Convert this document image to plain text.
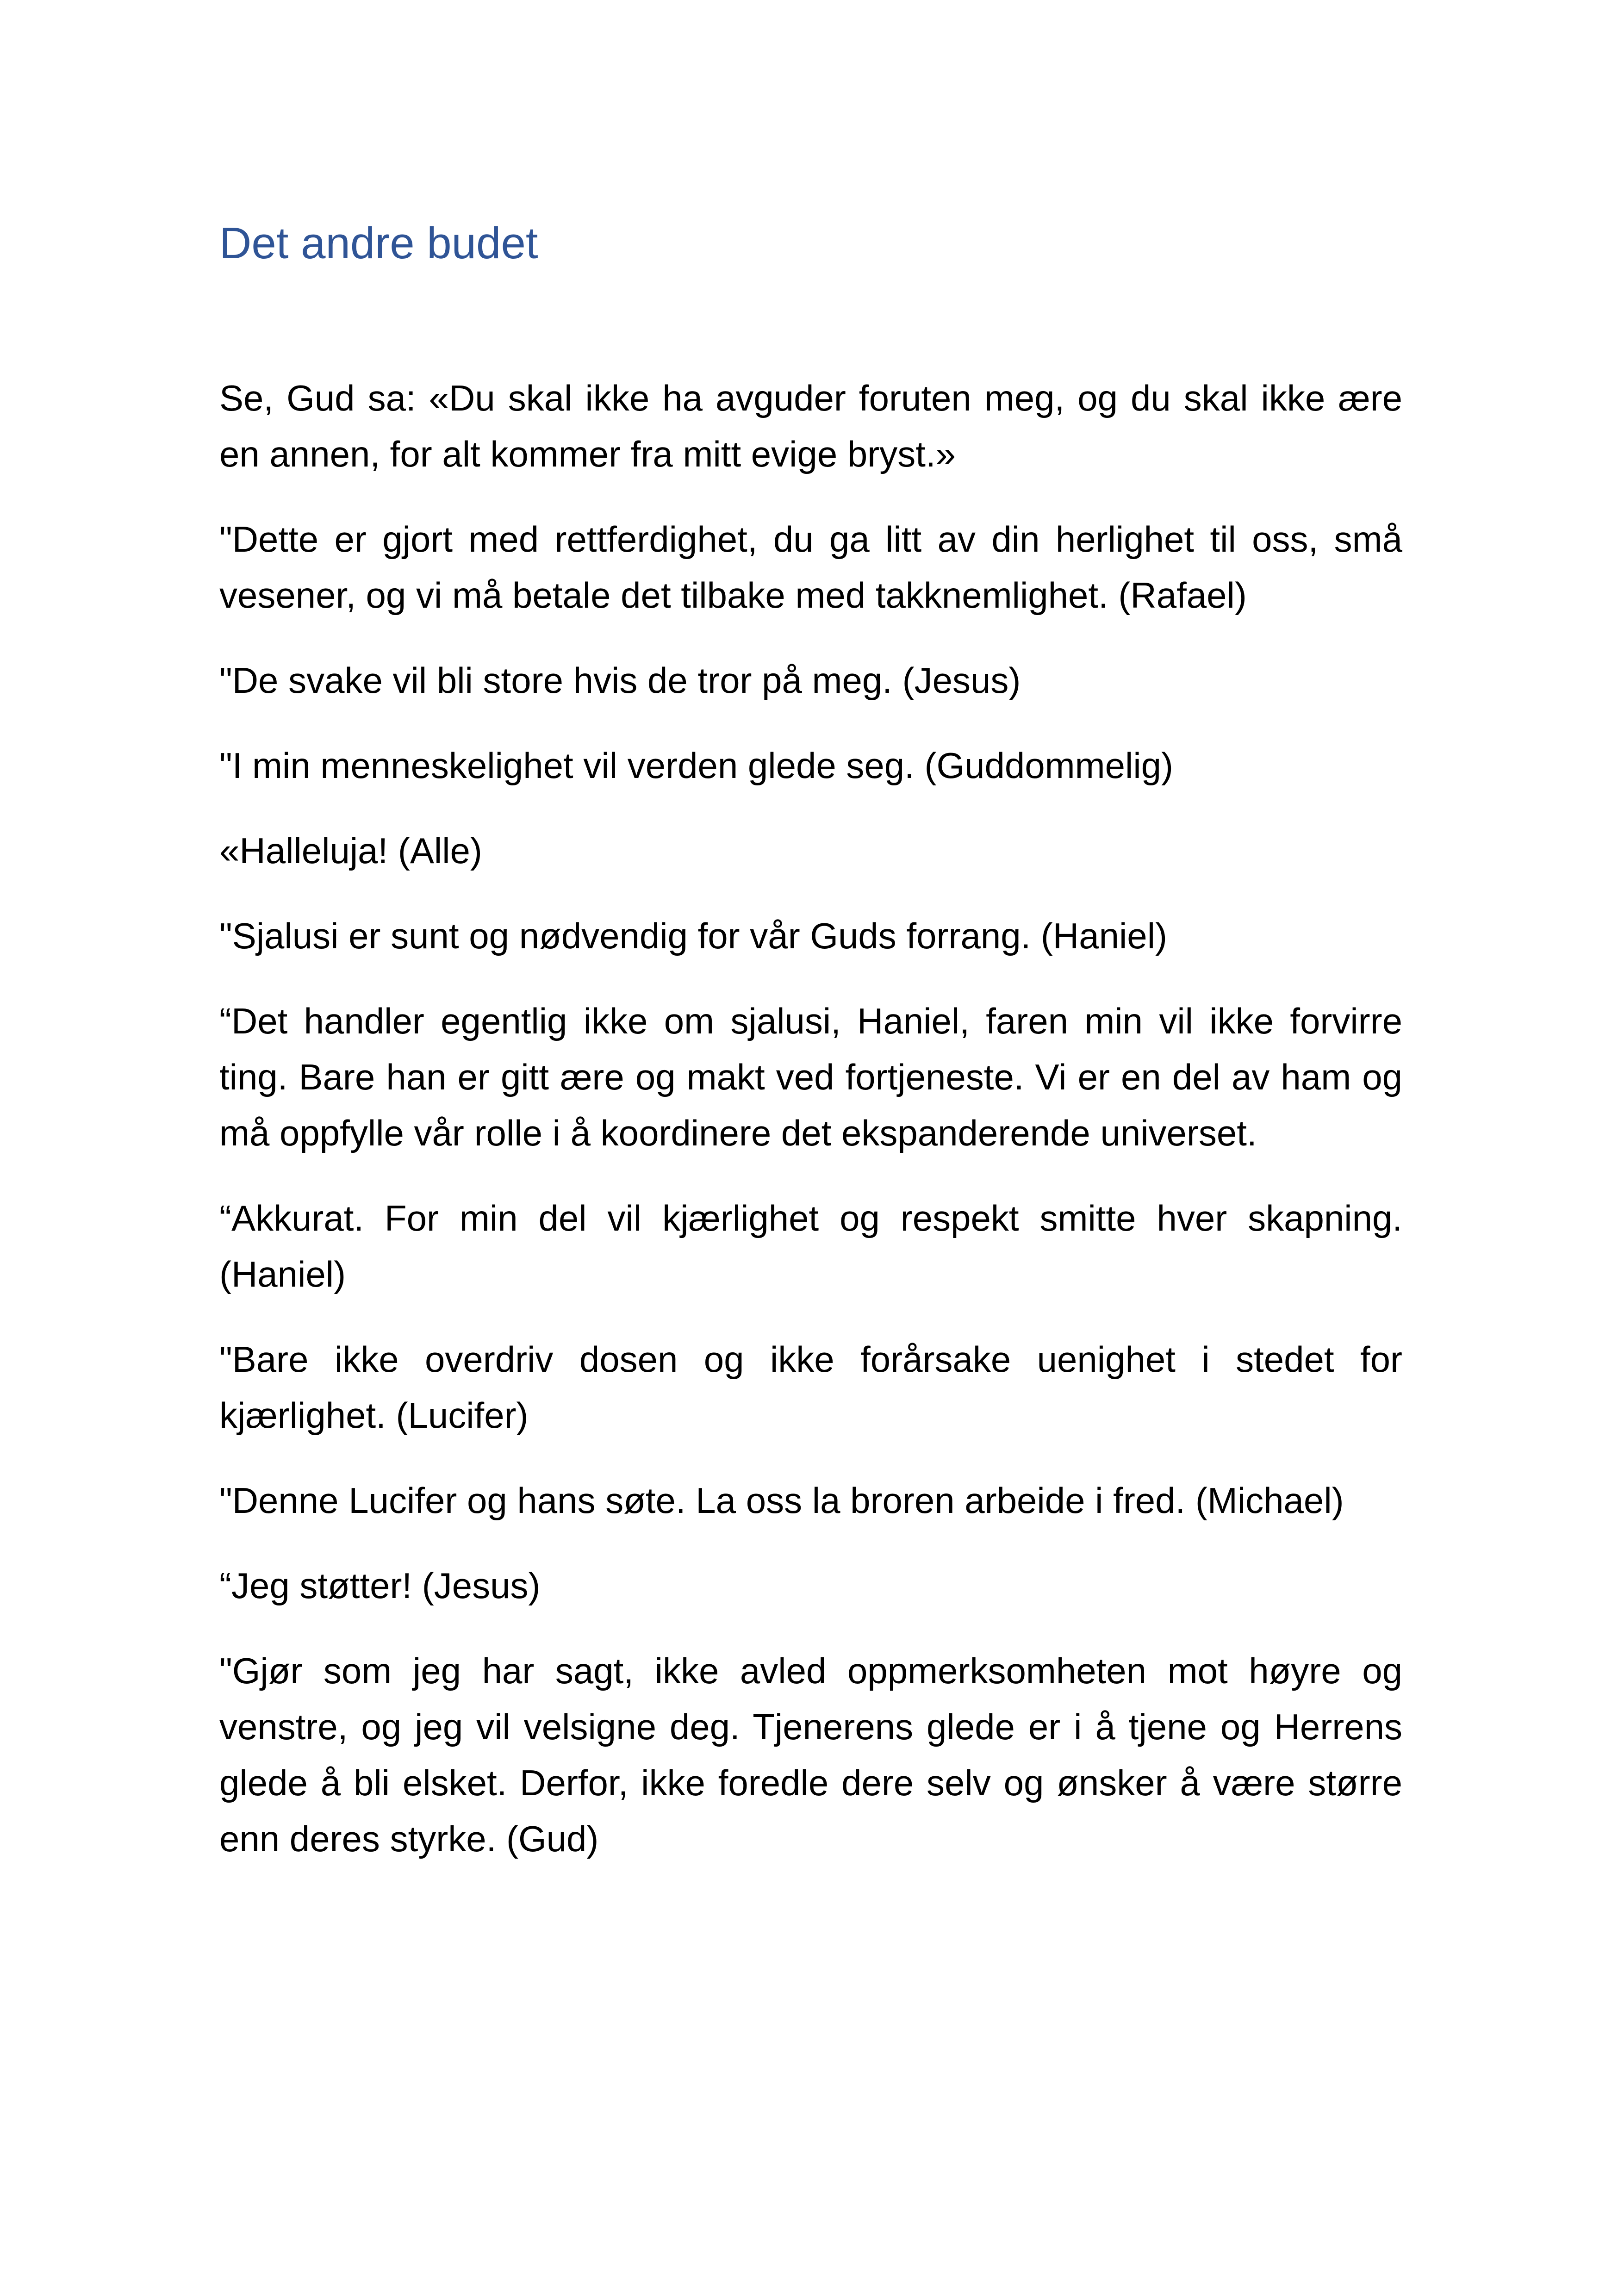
Det andre budet

Se, Gud sa: «Du skal ikke ha avguder foruten meg, og du skal ikke ære en annen, for alt kommer fra mitt evige bryst.»

"Dette er gjort med rettferdighet, du ga litt av din herlighet til oss, små vesener, og vi må betale det tilbake med takknemlighet. (Rafael)

"De svake vil bli store hvis de tror på meg. (Jesus)

"I min menneskelighet vil verden glede seg. (Guddommelig)

«Halleluja! (Alle)

"Sjalusi er sunt og nødvendig for vår Guds forrang. (Haniel)

“Det handler egentlig ikke om sjalusi, Haniel, faren min vil ikke forvirre ting. Bare han er gitt ære og makt ved fortjeneste. Vi er en del av ham og må oppfylle vår rolle i å koordinere det ekspanderende universet.

“Akkurat. For min del vil kjærlighet og respekt smitte hver skapning. (Haniel)

"Bare ikke overdriv dosen og ikke forårsake uenighet i stedet for kjærlighet. (Lucifer)

"Denne Lucifer og hans søte. La oss la broren arbeide i fred. (Michael)

“Jeg støtter! (Jesus)

"Gjør som jeg har sagt, ikke avled oppmerksomheten mot høyre og venstre, og jeg vil velsigne deg. Tjenerens glede er i å tjene og Herrens glede å bli elsket. Derfor, ikke foredle dere selv og ønsker å være større enn deres styrke. (Gud)
